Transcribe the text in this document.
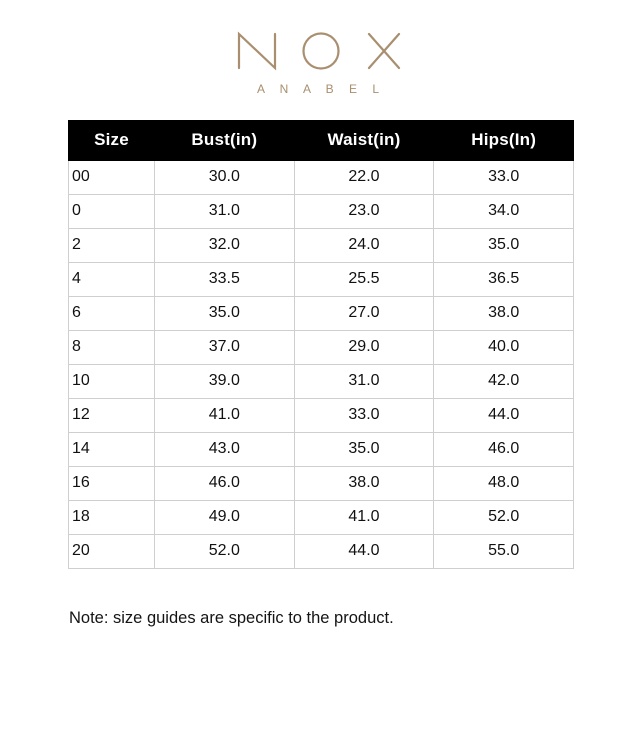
A N A B E L
Size	Bust(in)	Waist(in)	Hips(In)
00	30.0	22.0	33.0
0	31.0	23.0	34.0
2	32.0	24.0	35.0
4	33.5	25.5	36.5
6	35.0	27.0	38.0
8	37.0	29.0	40.0
10	39.0	31.0	42.0
12	41.0	33.0	44.0
14	43.0	35.0	46.0
16	46.0	38.0	48.0
18	49.0	41.0	52.0
20	52.0	44.0	55.0
Note: size guides are specific to the product.
